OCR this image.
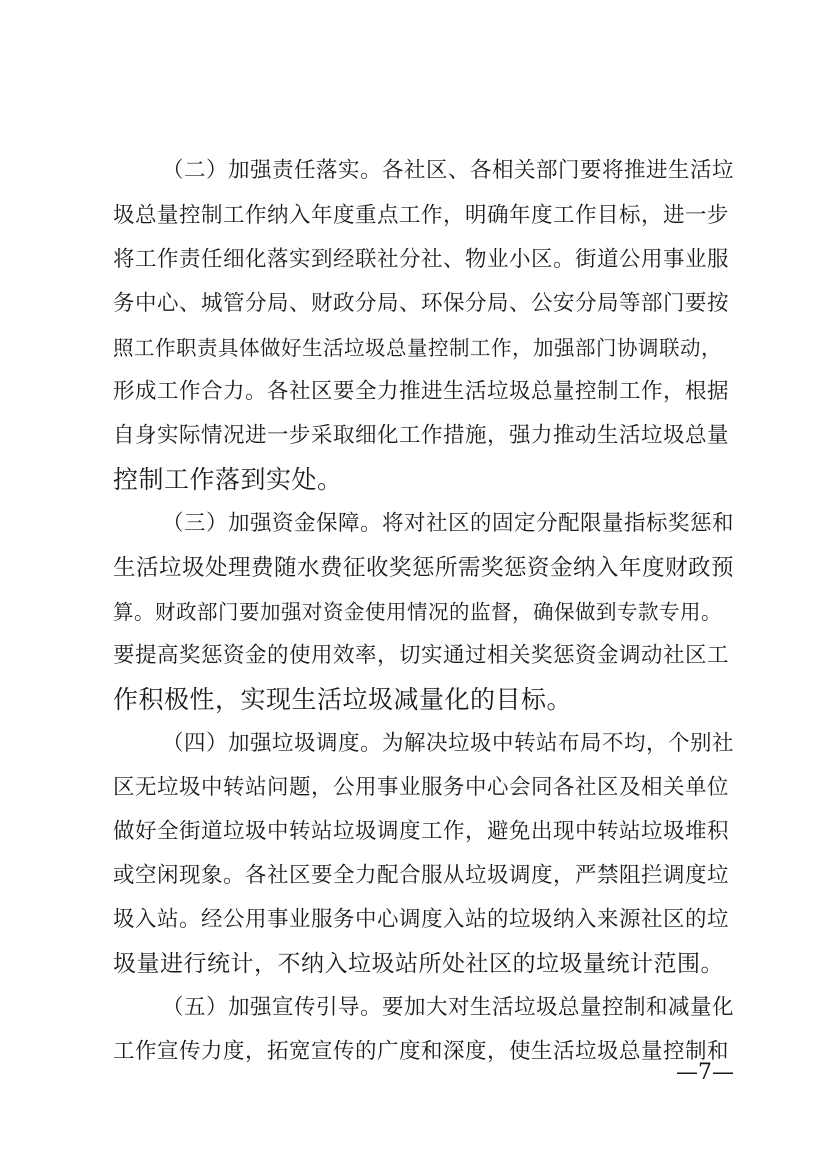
（二）加强责任落实。各社区、各相关部门要将推进生活垃
圾总量控制工作纳入年度重点工作，明确年度工作目标，进一步
将工作责任细化落实到经联社分社、物业小区。街道公用事业服
务中心、城管分局、财政分局、环保分局、公安分局等部门要按
照工作职责具体做好生活垃圾总量控制工作，加强部门协调联动，
形成工作合力。各社区要全力推进生活垃圾总量控制工作，根据
自身实际情况进一步采取细化工作措施，强力推动生活垃圾总量
控制工作落到实处。
（三）加强资金保障。将对社区的固定分配限量指标奖惩和
生活垃圾处理费随水费征收奖惩所需奖惩资金纳入年度财政预
算。财政部门要加强对资金使用情况的监督，确保做到专款专用。
要提高奖惩资金的使用效率，切实通过相关奖惩资金调动社区工
作积极性，实现生活垃圾减量化的目标。
（四）加强垃圾调度。为解决垃圾中转站布局不均，个别社
区无垃圾中转站问题，公用事业服务中心会同各社区及相关单位
做好全街道垃圾中转站垃圾调度工作，避免出现中转站垃圾堆积
或空闲现象。各社区要全力配合服从垃圾调度，严禁阻拦调度垃
圾入站。经公用事业服务中心调度入站的垃圾纳入来源社区的垃
圾量进行统计，不纳入垃圾站所处社区的垃圾量统计范围。
（五）加强宣传引导。要加大对生活垃圾总量控制和减量化
工作宣传力度，拓宽宣传的广度和深度，使生活垃圾总量控制和
—7—
